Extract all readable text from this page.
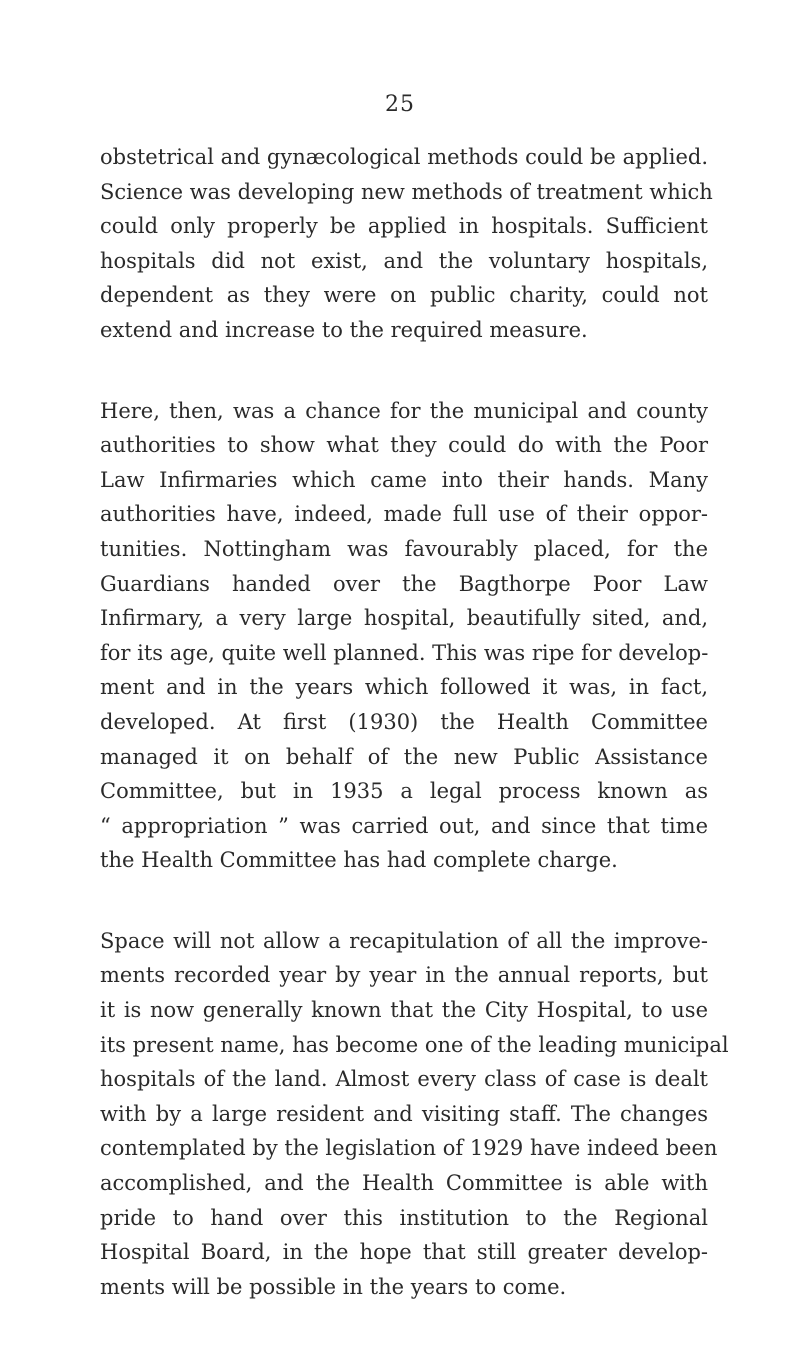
25
obstetrical and gynæcological methods could be applied.
Science was developing new methods of treatment which
could only properly be applied in hospitals. Sufficient
hospitals did not exist, and the voluntary hospitals,
dependent as they were on public charity, could not
extend and increase to the required measure.
Here, then, was a chance for the municipal and county
authorities to show what they could do with the Poor
Law Infirmaries which came into their hands. Many
authorities have, indeed, made full use of their oppor-
tunities. Nottingham was favourably placed, for the
Guardians handed over the Bagthorpe Poor Law
Infirmary, a very large hospital, beautifully sited, and,
for its age, quite well planned. This was ripe for develop-
ment and in the years which followed it was, in fact,
developed. At first (1930) the Health Committee
managed it on behalf of the new Public Assistance
Committee, but in 1935 a legal process known as
“ appropriation ” was carried out, and since that time
the Health Committee has had complete charge.
Space will not allow a recapitulation of all the improve-
ments recorded year by year in the annual reports, but
it is now generally known that the City Hospital, to use
its present name, has become one of the leading municipal
hospitals of the land. Almost every class of case is dealt
with by a large resident and visiting staff. The changes
contemplated by the legislation of 1929 have indeed been
accomplished, and the Health Committee is able with
pride to hand over this institution to the Regional
Hospital Board, in the hope that still greater develop-
ments will be possible in the years to come.
